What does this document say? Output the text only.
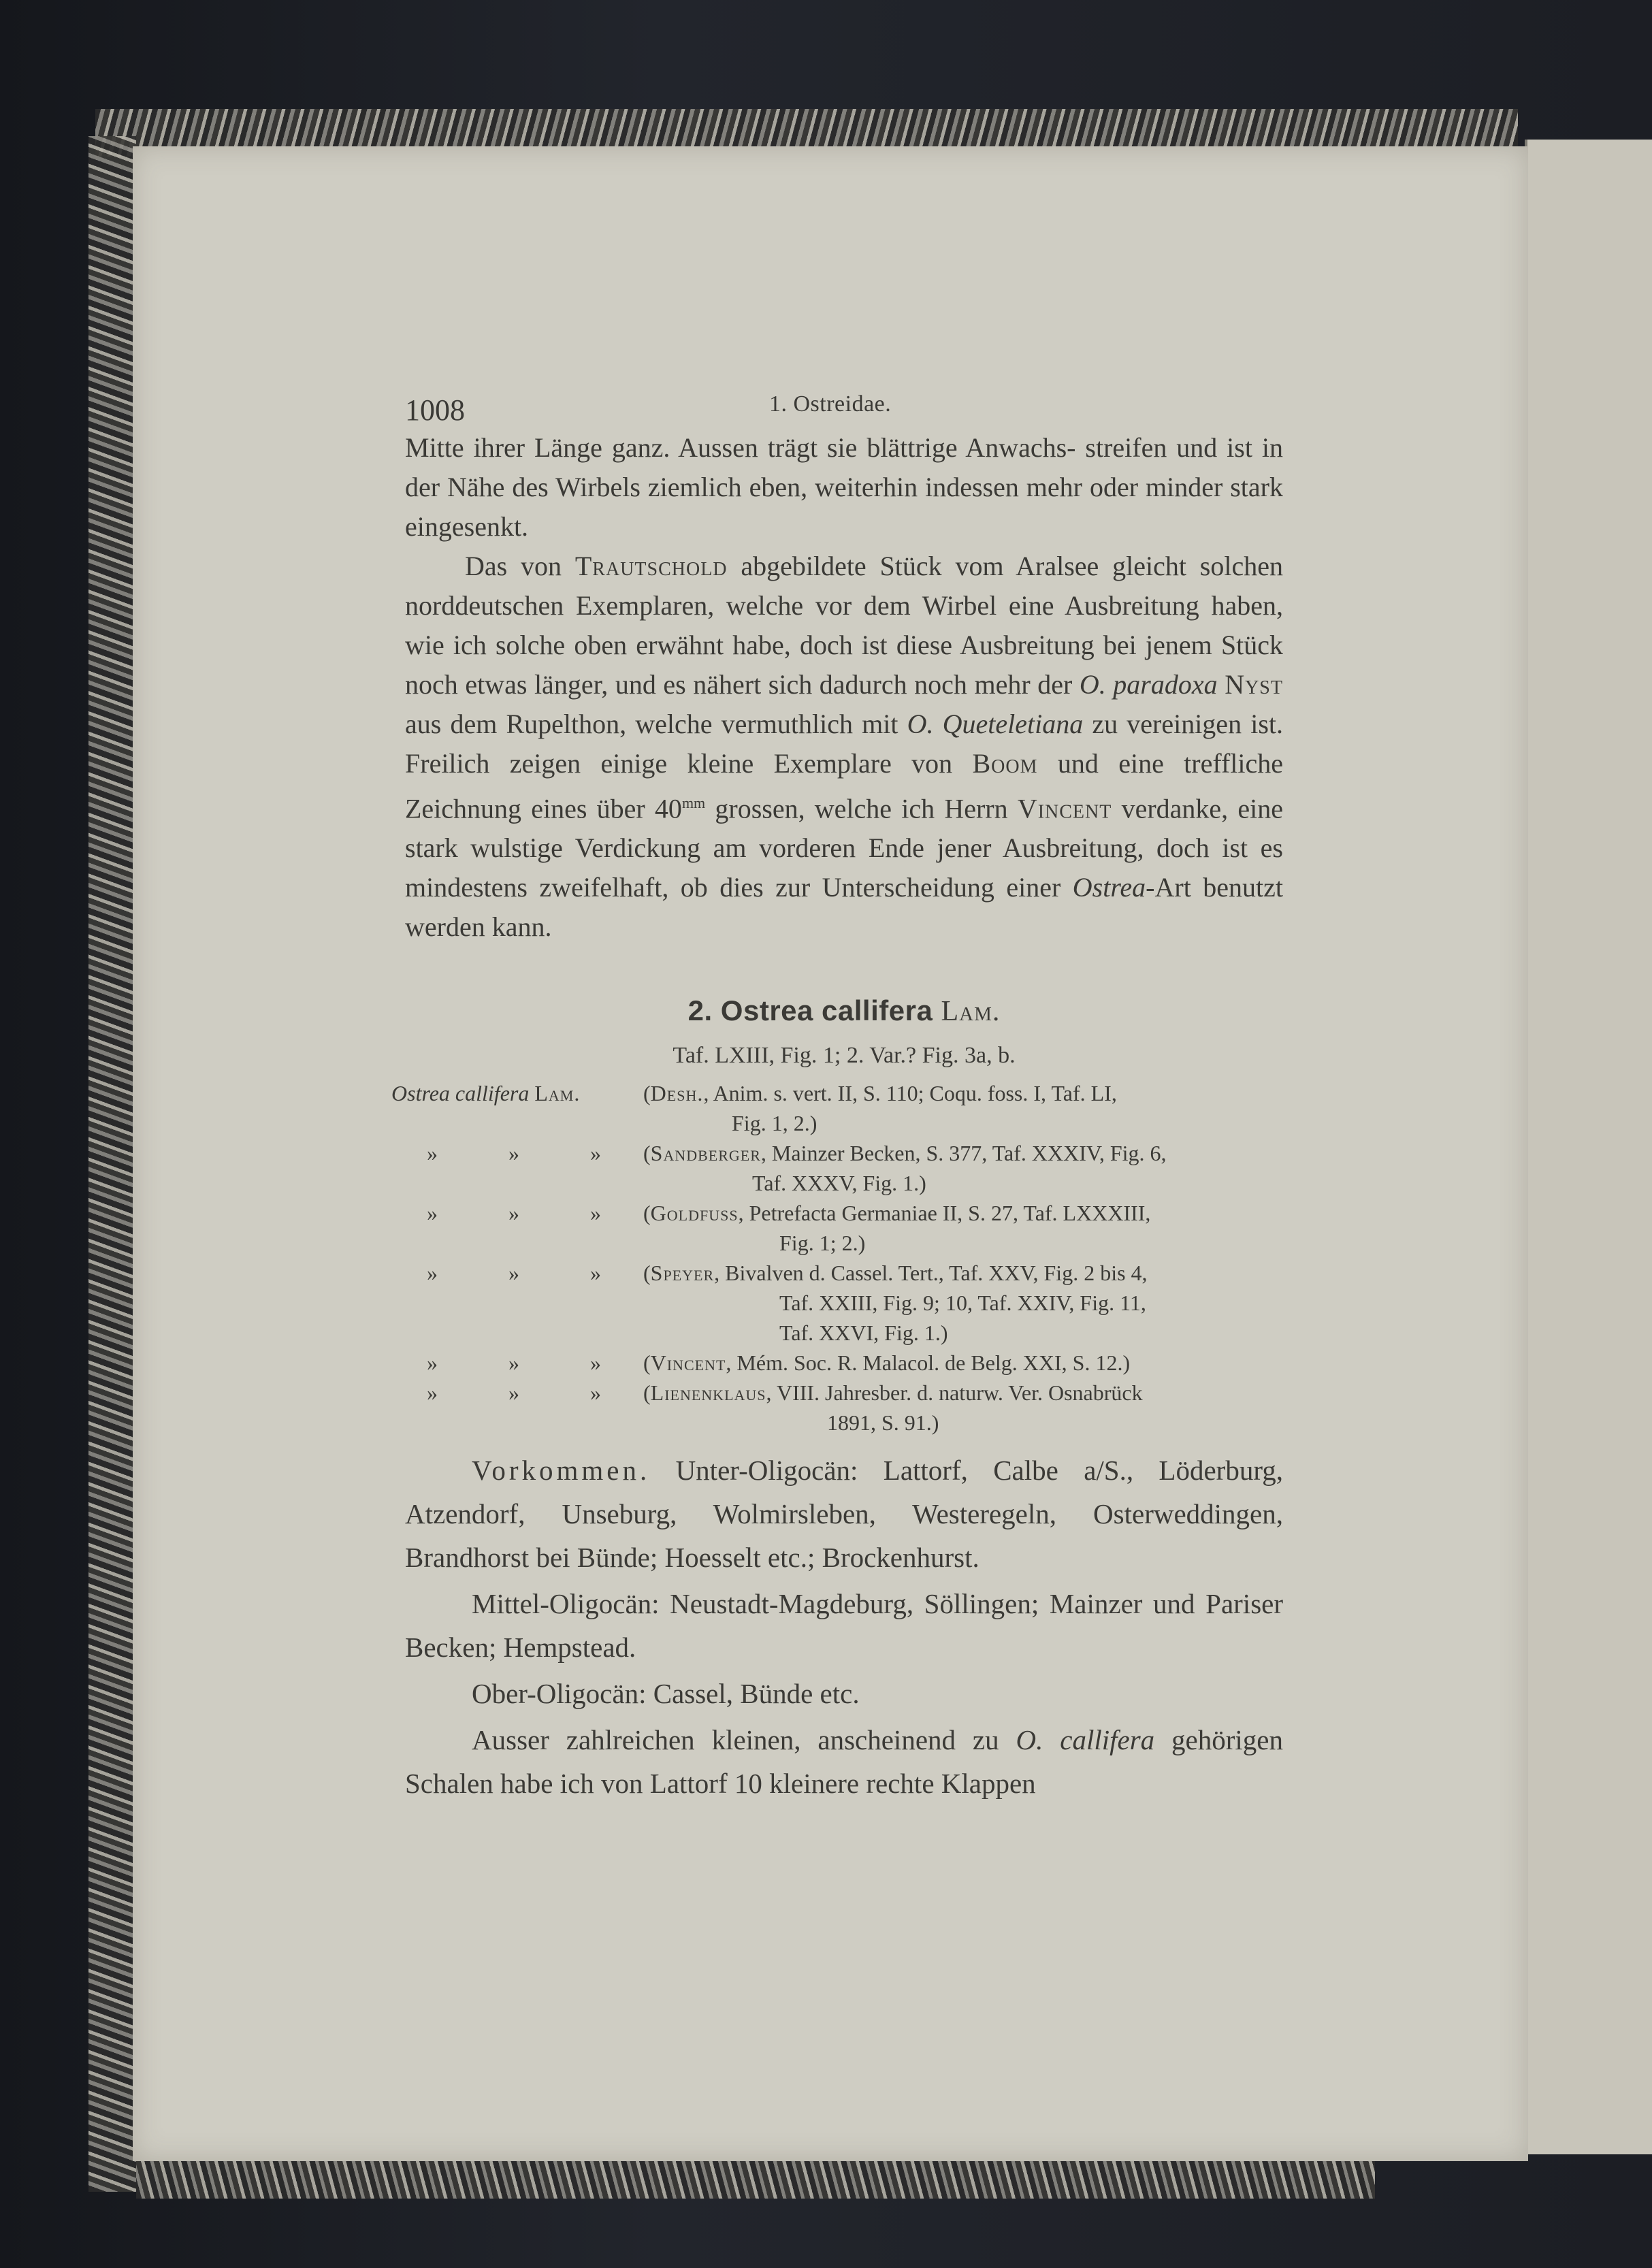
1008	1. Ostreidae.

Mitte ihrer Länge ganz. Aussen trägt sie blättrige Anwachs- streifen und ist in der Nähe des Wirbels ziemlich eben, weiterhin indessen mehr oder minder stark eingesenkt.

Das von Trautschold abgebildete Stück vom Aralsee gleicht solchen norddeutschen Exemplaren, welche vor dem Wirbel eine Ausbreitung haben, wie ich solche oben erwähnt habe, doch ist diese Ausbreitung bei jenem Stück noch etwas länger, und es nähert sich dadurch noch mehr der O. paradoxa Nyst aus dem Rupelthon, welche vermuthlich mit O. Queteletiana zu vereinigen ist. Freilich zeigen einige kleine Exemplare von Boom und eine treffliche Zeichnung eines über $40^{mm}$ grossen, welche ich Herrn Vincent verdanke, eine stark wulstige Verdickung am vorderen Ende jener Ausbreitung, doch ist es mindestens zweifelhaft, ob dies zur Unterscheidung einer Ostrea-Art benutzt werden kann.

2. Ostrea callifera Lam.
Taf. LXIII, Fig. 1; 2. Var.? Fig. 3a, b.
Ostrea callifera Lam.	(Desh., Anim. s. vert. II, S. 110; Coqu. foss. I, Taf. LI,
Fig. 1, 2.)
»	»	»	(Sandberger, Mainzer Becken, S. 377, Taf. XXXIV, Fig. 6,
Taf. XXXV, Fig. 1.)
»	»	»	(Goldfuss, Petrefacta Germaniae II, S. 27, Taf. LXXXIII,
Fig. 1; 2.)
»	»	»	(Speyer, Bivalven d. Cassel. Tert., Taf. XXV, Fig. 2 bis 4,
Taf. XXIII, Fig. 9; 10, Taf. XXIV, Fig. 11,
Taf. XXVI, Fig. 1.)
»	»	»	(Vincent, Mém. Soc. R. Malacol. de Belg. XXI, S. 12.)
»	»	»	(Lienenklaus, VIII. Jahresber. d. naturw. Ver. Osnabrück
1891, S. 91.)

Vorkommen. Unter-Oligocän: Lattorf, Calbe a/S., Löderburg, Atzendorf, Unseburg, Wolmirsleben, Westeregeln, Osterweddingen, Brandhorst bei Bünde; Hoesselt etc.; Brockenhurst.

Mittel-Oligocän: Neustadt-Magdeburg, Söllingen; Mainzer und Pariser Becken; Hempstead.

Ober-Oligocän: Cassel, Bünde etc.

Ausser zahlreichen kleinen, anscheinend zu O. callifera gehörigen Schalen habe ich von Lattorf 10 kleinere rechte Klappen
